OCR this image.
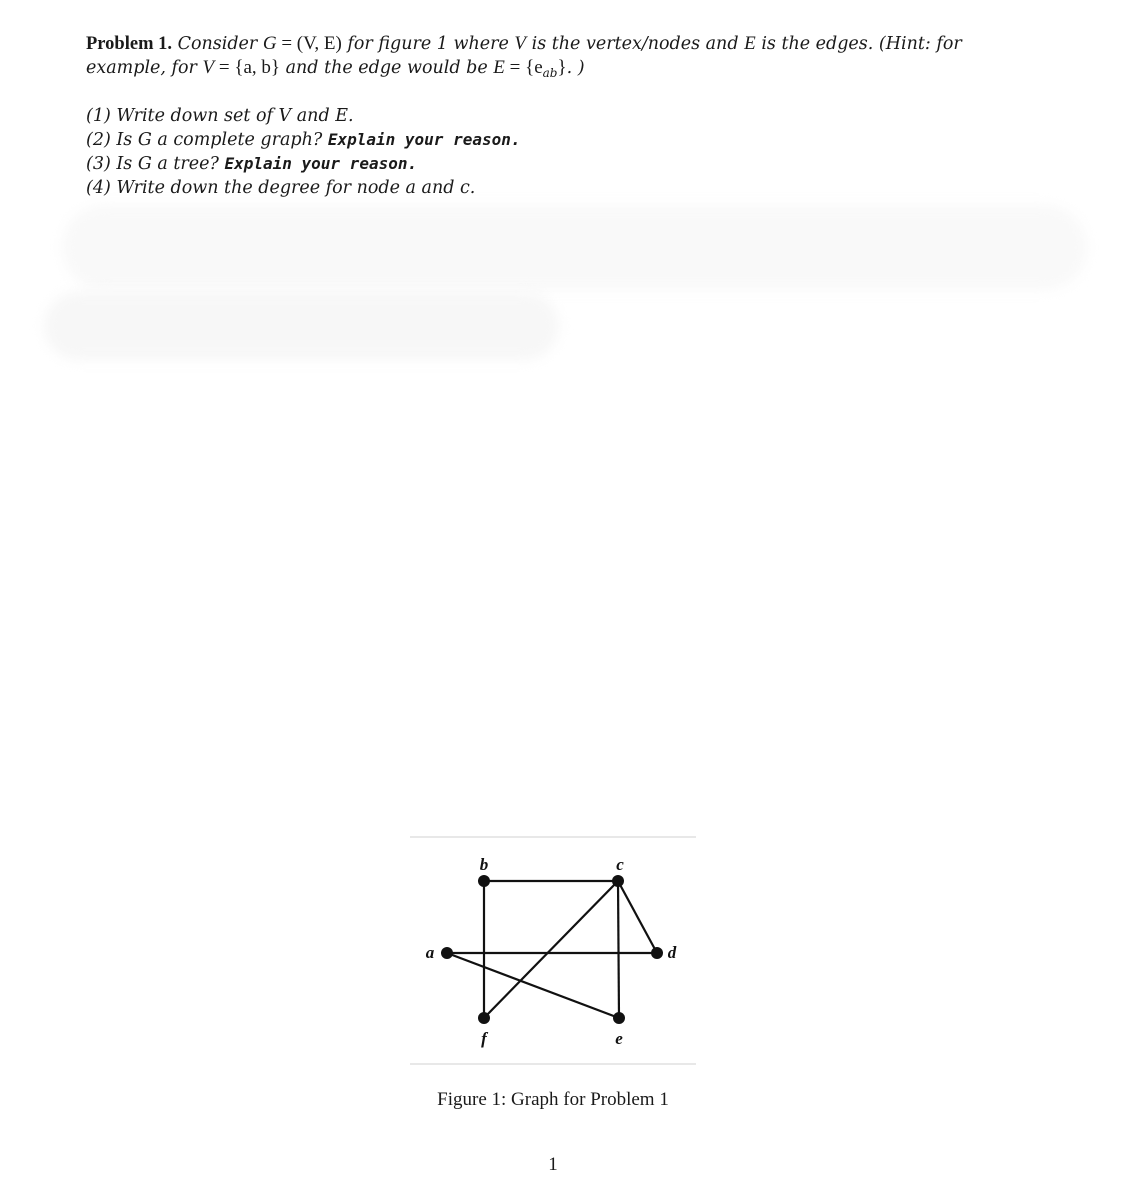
Problem 1. Consider G = (V, E) for figure 1 where V is the vertex/nodes and E is the edges. (Hint: for
example, for V = {a, b} and the edge would be $E = \{e_{ab}\}$. )
(1) Write down set of V and E.
(2) Is G a complete graph? Explain your reason.
(3) Is G a tree? Explain your reason.
(4) Write down the degree for node a and c.
a
b	c
d
e
f
Figure 1: Graph for Problem 1
1
